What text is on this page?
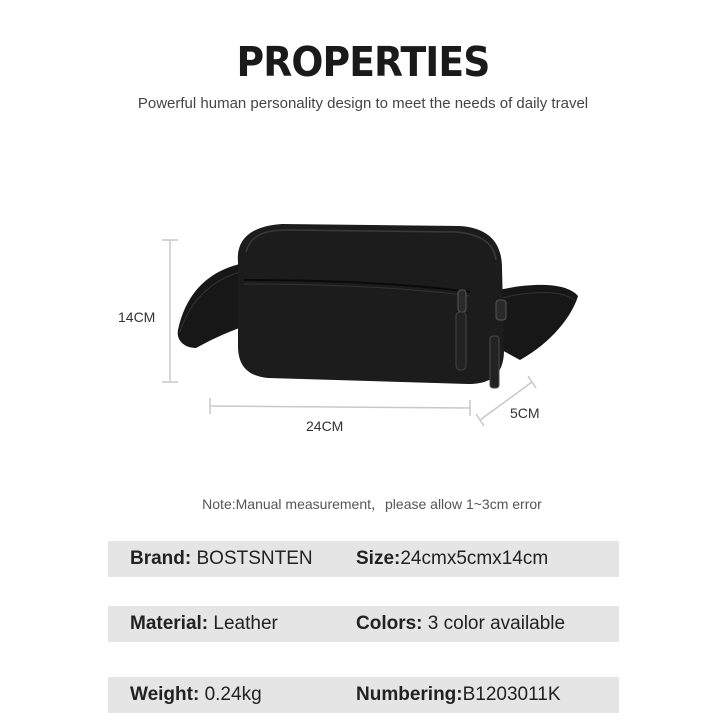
PROPERTIES
Powerful human personality design to meet the needs of daily travel
14CM
24CM
5CM
Note:Manual measurement，please allow 1~3cm error
Brand: BOSTSNTEN Size:24cmx5cmx14cm
Material: Leather	Colors: 3 color available
Weight: 0.24kg	Numbering:B1203011K
